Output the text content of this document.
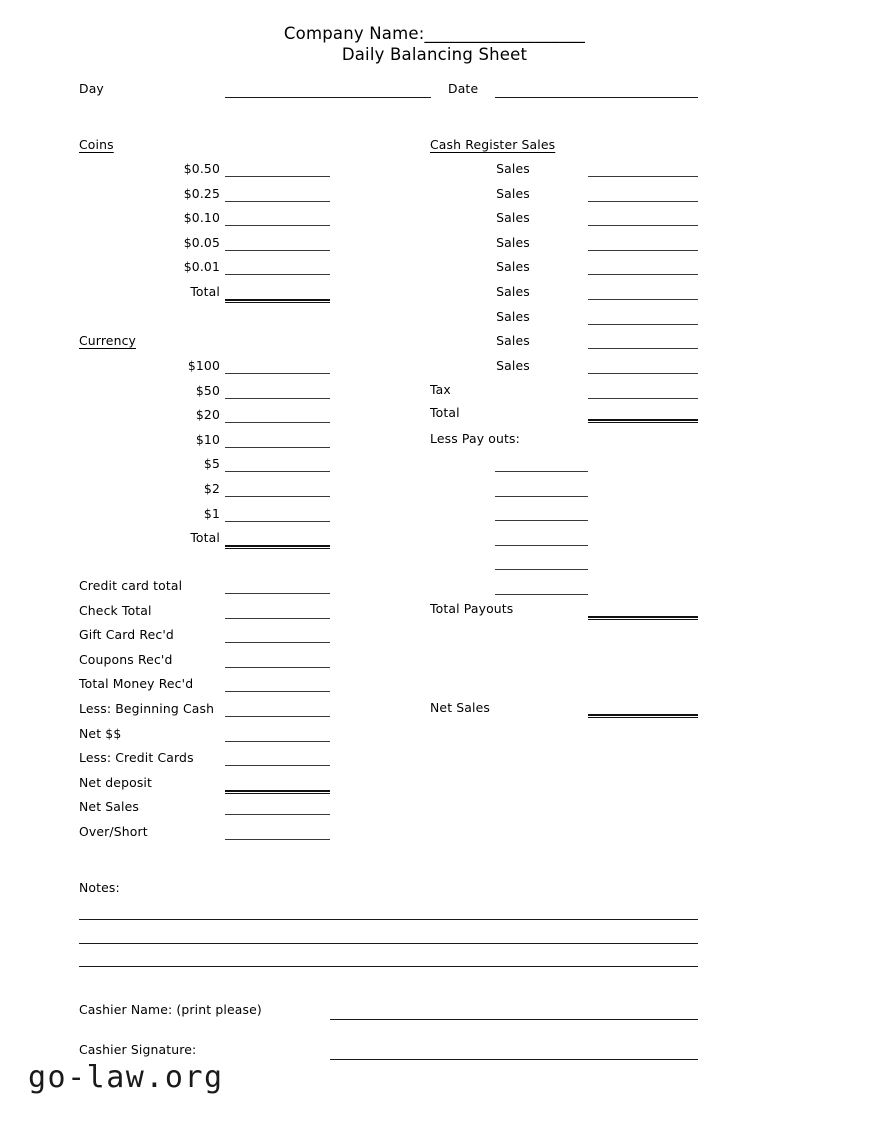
Company Name:___________________
Daily Balancing Sheet
Day	Date
Coins
$0.50
$0.25
$0.10
$0.05
$0.01
Total
Currency
$100
$50
$20
$10
$5
$2
$1
Total
Credit card total
Check Total
Gift Card Rec'd
Coupons Rec'd
Total Money Rec'd
Less: Beginning Cash
Net $$
Less: Credit Cards
Net deposit
Net Sales
Over/Short
Cash Register Sales
Sales
Sales
Sales
Sales
Sales
Sales
Sales
Sales
Sales
Tax
Total
Less Pay outs:
Total Payouts
Net Sales
Notes:
Cashier Name: (print please)
Cashier Signature:
go-law.org
